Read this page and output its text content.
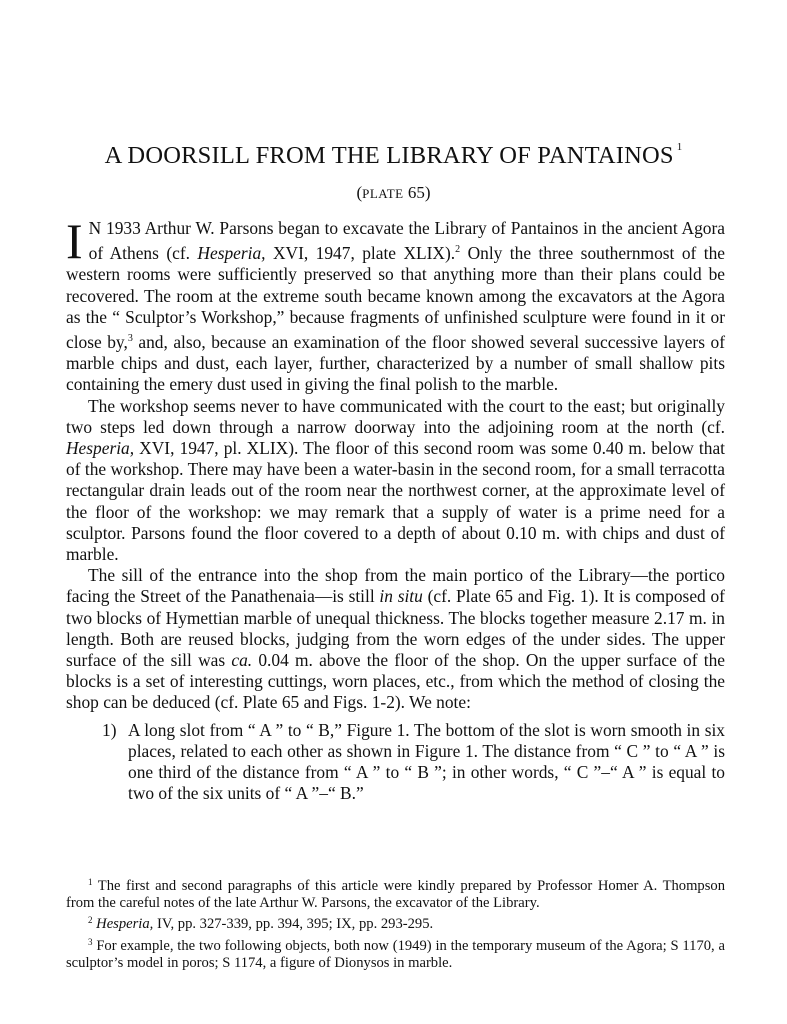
A DOORSILL FROM THE LIBRARY OF PANTAINOS $^1$
(PLATE 65)

I N 1933 Arthur W. Parsons began to excavate the Library of Pantainos in the ancient Agora of Athens (cf. Hesperia, XVI, 1947, plate XLIX).$^2$ Only the three southernmost of the western rooms were sufficiently preserved so that anything more than their plans could be recovered. The room at the extreme south became known among the excavators at the Agora as the “ Sculptor’s Workshop,” because fragments of unfinished sculpture were found in it or close by,$^3$ and, also, because an examination of the floor showed several successive layers of marble chips and dust, each layer, further, characterized by a number of small shallow pits containing the emery dust used in giving the final polish to the marble.

The workshop seems never to have communicated with the court to the east; but originally two steps led down through a narrow doorway into the adjoining room at the north (cf. Hesperia, XVI, 1947, pl. XLIX). The floor of this second room was some 0.40 m. below that of the workshop. There may have been a water-basin in the second room, for a small terracotta rectangular drain leads out of the room near the northwest corner, at the approximate level of the floor of the workshop: we may remark that a supply of water is a prime need for a sculptor. Parsons found the floor covered to a depth of about 0.10 m. with chips and dust of marble.

The sill of the entrance into the shop from the main portico of the Library—the portico facing the Street of the Panathenaia—is still in situ (cf. Plate 65 and Fig. 1). It is composed of two blocks of Hymettian marble of unequal thickness. The blocks together measure 2.17 m. in length. Both are reused blocks, judging from the worn edges of the under sides. The upper surface of the sill was ca. 0.04 m. above the floor of the shop. On the upper surface of the blocks is a set of interesting cuttings, worn places, etc., from which the method of closing the shop can be deduced (cf. Plate 65 and Figs. 1-2). We note:

1) A long slot from “ A ” to “ B,” Figure 1. The bottom of the slot is worn smooth in six places, related to each other as shown in Figure 1. The distance from “ C ” to “ A ” is one third of the distance from “ A ” to “ B ”; in other words, “ C ”–“ A ” is equal to two of the six units of “ A ”–“ B.”

$^1$ The first and second paragraphs of this article were kindly prepared by Professor Homer A. Thompson from the careful notes of the late Arthur W. Parsons, the excavator of the Library.

$^2$ Hesperia, IV, pp. 327-339, pp. 394, 395; IX, pp. 293-295.

$^3$ For example, the two following objects, both now (1949) in the temporary museum of the Agora; S 1170, a sculptor’s model in poros; S 1174, a figure of Dionysos in marble.
